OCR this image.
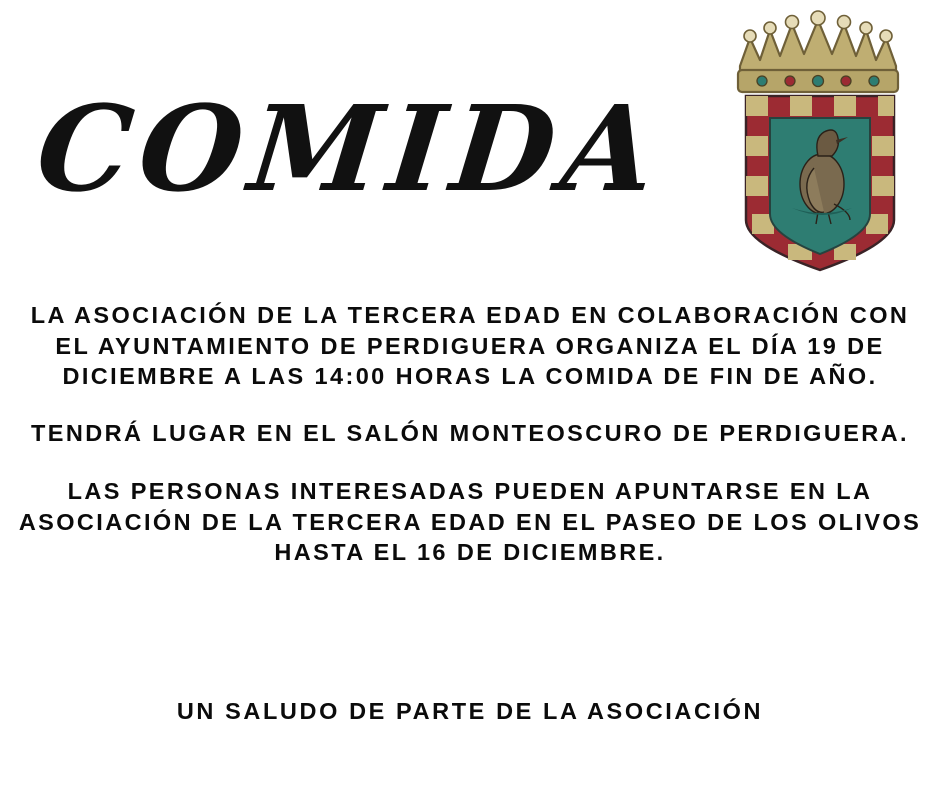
COMIDA

LA ASOCIACIÓN DE LA TERCERA EDAD EN COLABORACIÓN CON EL AYUNTAMIENTO DE PERDIGUERA ORGANIZA EL DÍA 19 DE DICIEMBRE A LAS 14:00 HORAS LA COMIDA DE FIN DE AÑO.

TENDRÁ LUGAR EN EL SALÓN MONTEOSCURO DE PERDIGUERA.

LAS PERSONAS INTERESADAS PUEDEN APUNTARSE EN LA ASOCIACIÓN DE LA TERCERA EDAD EN EL PASEO DE LOS OLIVOS HASTA EL 16 DE DICIEMBRE.

UN SALUDO DE PARTE DE LA ASOCIACIÓN
